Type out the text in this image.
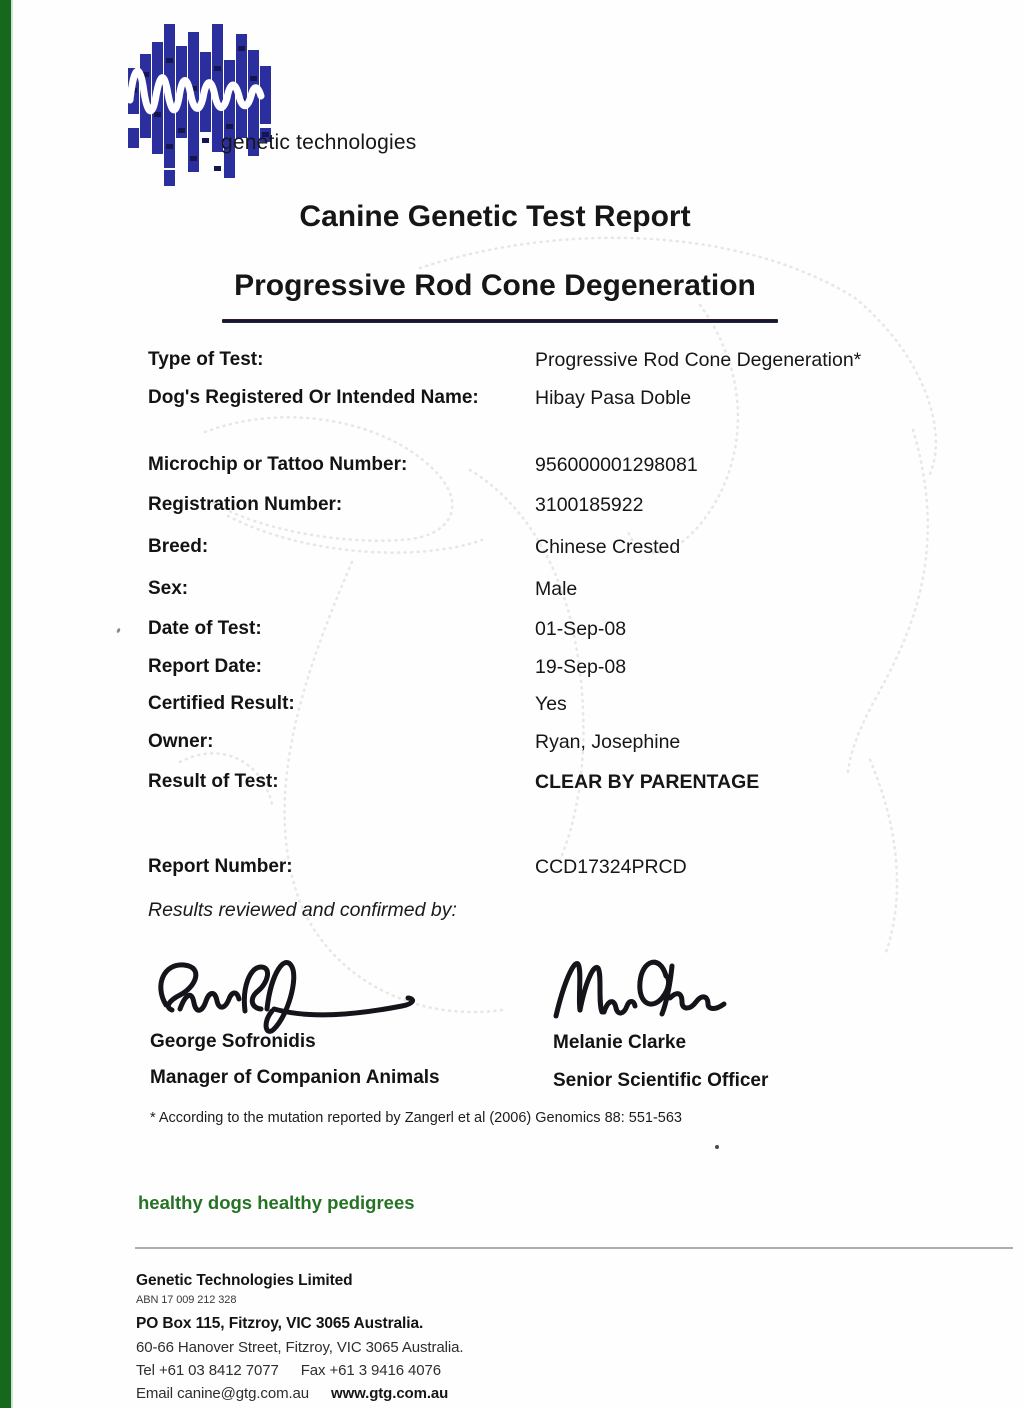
genetic technologies
Canine Genetic Test Report
Progressive Rod Cone Degeneration
Type of Test:	Progressive Rod Cone Degeneration*
Dog's Registered Or Intended Name:	Hibay Pasa Doble
Microchip or Tattoo Number:	956000001298081
Registration Number:	3100185922
Breed:	Chinese Crested
Sex:	Male
Date of Test:	01-Sep-08
Report Date:	19-Sep-08
Certified Result:	Yes
Owner:	Ryan, Josephine
Result of Test:	CLEAR BY PARENTAGE
Report Number:	CCD17324PRCD
Results reviewed and confirmed by:
George Sofronidis
Manager of Companion Animals
Melanie Clarke
Senior Scientific Officer
* According to the mutation reported by Zangerl et al (2006) Genomics 88: 551-563
healthy dogs healthy pedigrees
Genetic Technologies Limited
ABN 17 009 212 328
PO Box 115, Fitzroy, VIC 3065 Australia.
60-66 Hanover Street, Fitzroy, VIC 3065 Australia.
Tel +61 03 8412 7077 Fax +61 3 9416 4076
Email canine@gtg.com.au www.gtg.com.au
